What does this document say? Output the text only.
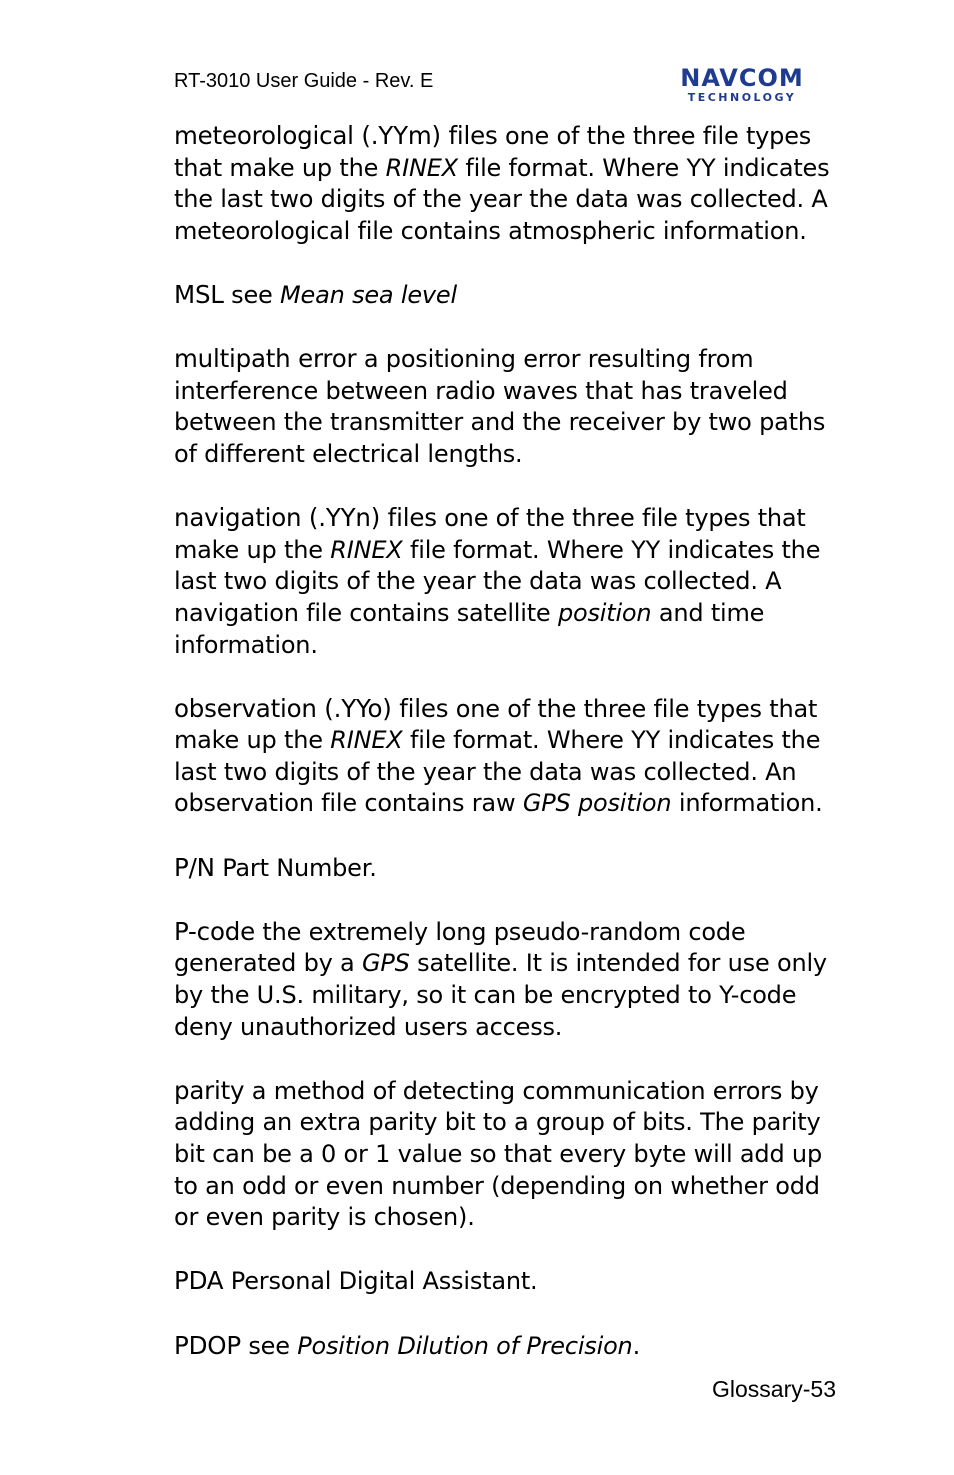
RT-3010 User Guide - Rev. E	NAVCOM
TECHNOLOGY

meteorological (.YYm) files one of the three file types that make up the RINEX file format. Where YY indicates the last two digits of the year the data was collected. A meteorological file contains atmospheric information.

MSL see Mean sea level

multipath error a positioning error resulting from interference between radio waves that has traveled between the transmitter and the receiver by two paths of different electrical lengths.

navigation (.YYn) files one of the three file types that make up the RINEX file format. Where YY indicates the last two digits of the year the data was collected. A navigation file contains satellite position and time information.

observation (.YYo) files one of the three file types that make up the RINEX file format. Where YY indicates the last two digits of the year the data was collected. An observation file contains raw GPS position information.

P/N Part Number.

P-code the extremely long pseudo-random code generated by a GPS satellite. It is intended for use only by the U.S. military, so it can be encrypted to Y-code deny unauthorized users access.

parity a method of detecting communication errors by adding an extra parity bit to a group of bits. The parity bit can be a 0 or 1 value so that every byte will add up to an odd or even number (depending on whether odd or even parity is chosen).

PDA Personal Digital Assistant.

PDOP see Position Dilution of Precision.

Glossary-53
